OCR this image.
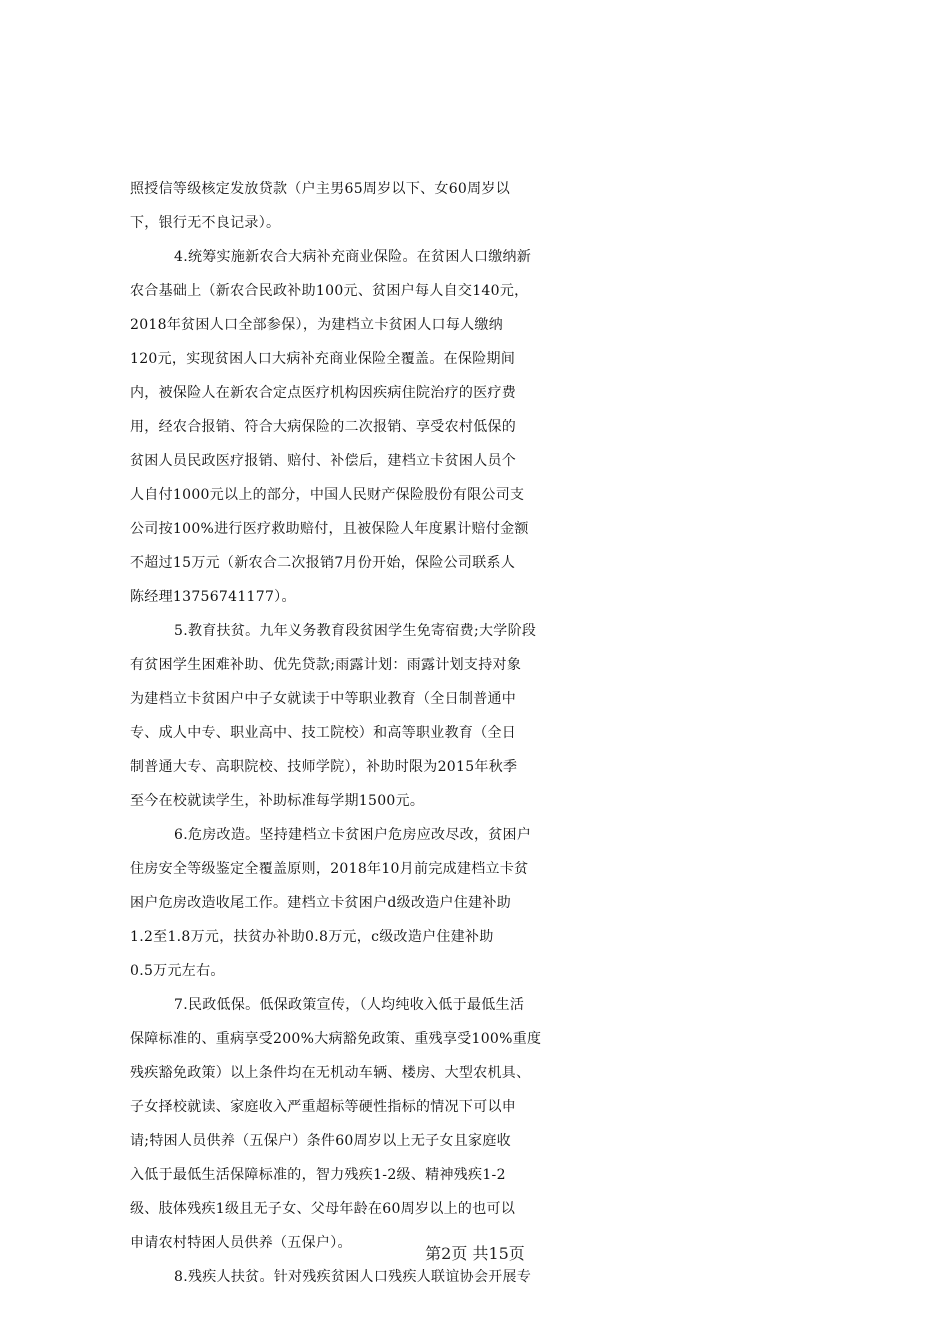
照授信等级核定发放贷款（户主男65周岁以下、女60周岁以
下，银行无不良记录）。
4.统筹实施新农合大病补充商业保险。在贫困人口缴纳新
农合基础上（新农合民政补助100元、贫困户每人自交140元，
2018年贫困人口全部参保），为建档立卡贫困人口每人缴纳
120元，实现贫困人口大病补充商业保险全覆盖。在保险期间
内，被保险人在新农合定点医疗机构因疾病住院治疗的医疗费
用，经农合报销、符合大病保险的二次报销、享受农村低保的
贫困人员民政医疗报销、赔付、补偿后，建档立卡贫困人员个
人自付1000元以上的部分，中国人民财产保险股份有限公司支
公司按100%进行医疗救助赔付，且被保险人年度累计赔付金额
不超过15万元（新农合二次报销7月份开始，保险公司联系人
陈经理13756741177）。
5.教育扶贫。九年义务教育段贫困学生免寄宿费;大学阶段
有贫困学生困难补助、优先贷款;雨露计划：雨露计划支持对象
为建档立卡贫困户中子女就读于中等职业教育（全日制普通中
专、成人中专、职业高中、技工院校）和高等职业教育（全日
制普通大专、高职院校、技师学院），补助时限为2015年秋季
至今在校就读学生，补助标准每学期1500元。
6.危房改造。坚持建档立卡贫困户危房应改尽改，贫困户
住房安全等级鉴定全覆盖原则，2018年10月前完成建档立卡贫
困户危房改造收尾工作。建档立卡贫困户d级改造户住建补助
1.2至1.8万元，扶贫办补助0.8万元，c级改造户住建补助
0.5万元左右。
7.民政低保。低保政策宣传，（人均纯收入低于最低生活
保障标准的、重病享受200%大病豁免政策、重残享受100%重度
残疾豁免政策）以上条件均在无机动车辆、楼房、大型农机具、
子女择校就读、家庭收入严重超标等硬性指标的情况下可以申
请;特困人员供养（五保户）条件60周岁以上无子女且家庭收
入低于最低生活保障标准的，智力残疾1-2级、精神残疾1-2
级、肢体残疾1级且无子女、父母年龄在60周岁以上的也可以
申请农村特困人员供养（五保户）。
8.残疾人扶贫。针对残疾贫困人口残疾人联谊协会开展专
第2页 共15页
